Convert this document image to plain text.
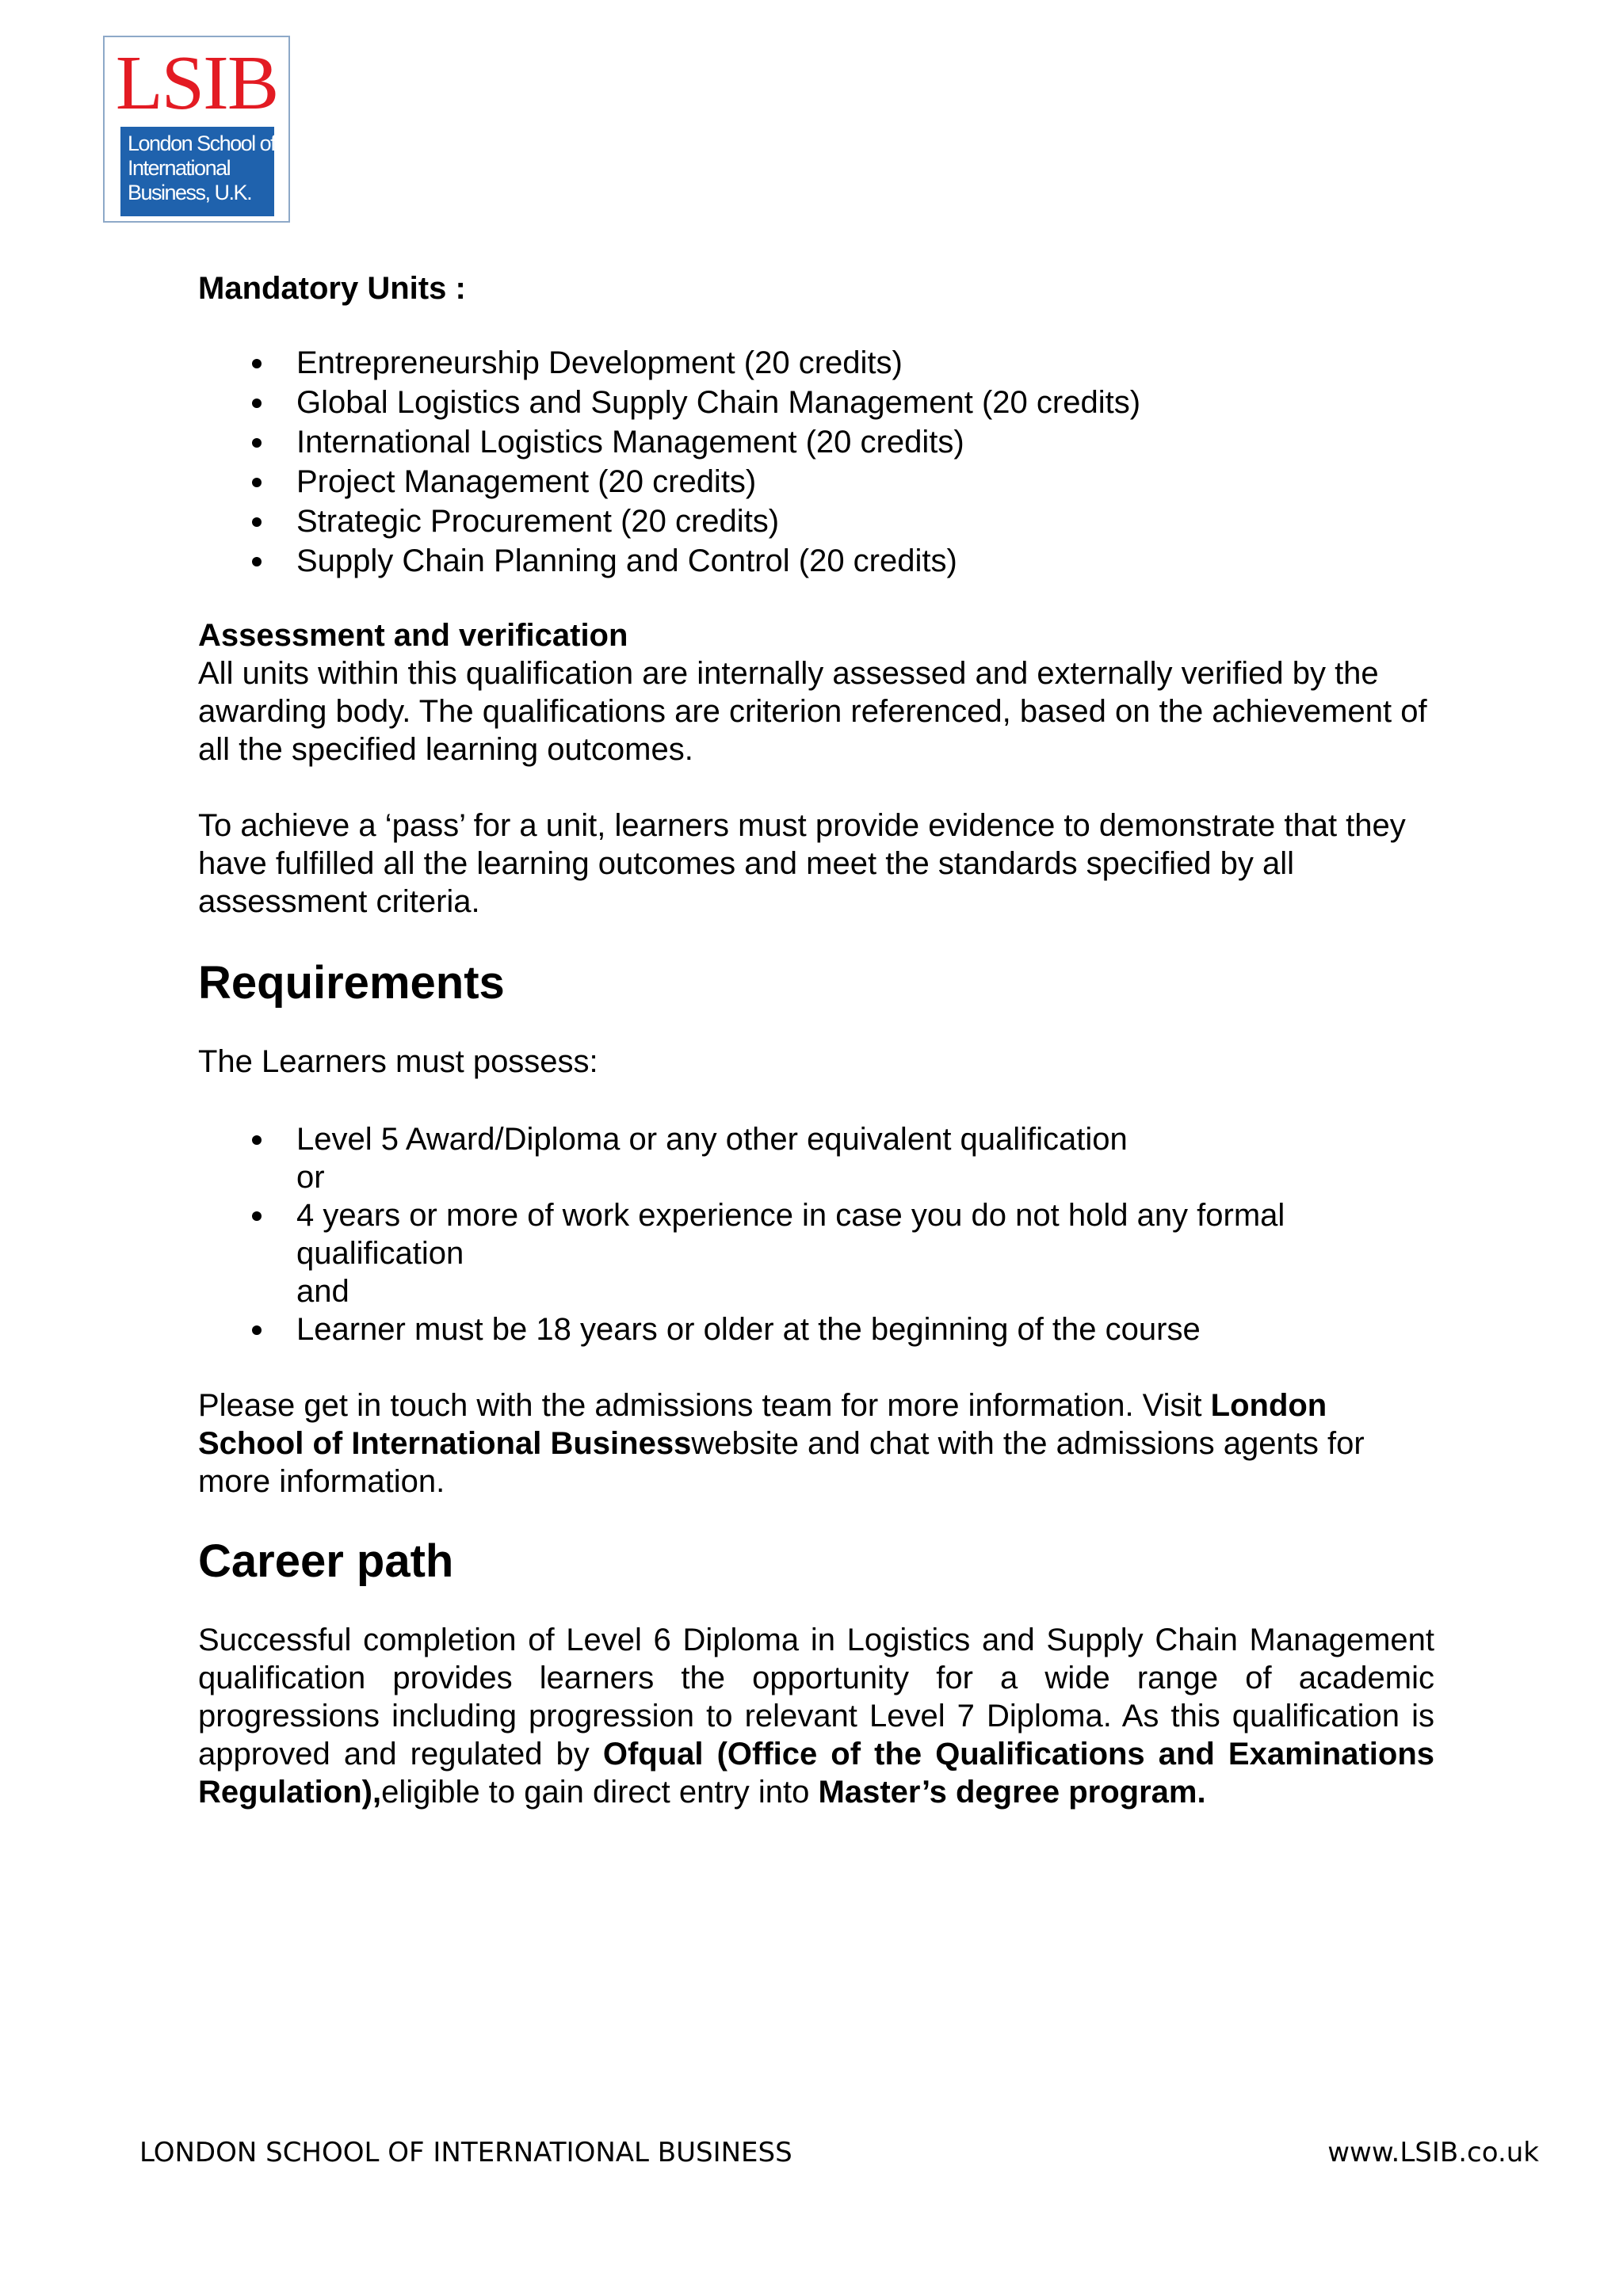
LSIB
London School of
International
Business, U.K.

Mandatory Units :

Entrepreneurship Development (20 credits)
Global Logistics and Supply Chain Management (20 credits)
International Logistics Management (20 credits)
Project Management (20 credits)
Strategic Procurement (20 credits)
Supply Chain Planning and Control (20 credits)

Assessment and verification

All units within this qualification are internally assessed and externally verified by the awarding body. The qualifications are criterion referenced, based on the achievement of all the specified learning outcomes.

To achieve a ‘pass’ for a unit, learners must provide evidence to demonstrate that they have fulfilled all the learning outcomes and meet the standards specified by all assessment criteria.

Requirements

The Learners must possess:

Level 5 Award/Diploma or any other equivalent qualification
or
4 years or more of work experience in case you do not hold any formal qualification
and
Learner must be 18 years or older at the beginning of the course

Please get in touch with the admissions team for more information. Visit London School of International Businesswebsite and chat with the admissions agents for more information.

Career path

Successful completion of Level 6 Diploma in Logistics and Supply Chain Management qualification provides learners the opportunity for a wide range of academic progressions including progression to relevant Level 7 Diploma. As this qualification is approved and regulated by Ofqual (Office of the Qualifications and Examinations Regulation),eligible to gain direct entry into Master’s degree program.

LONDON SCHOOL OF INTERNATIONAL BUSINESS	www.LSIB.co.uk
